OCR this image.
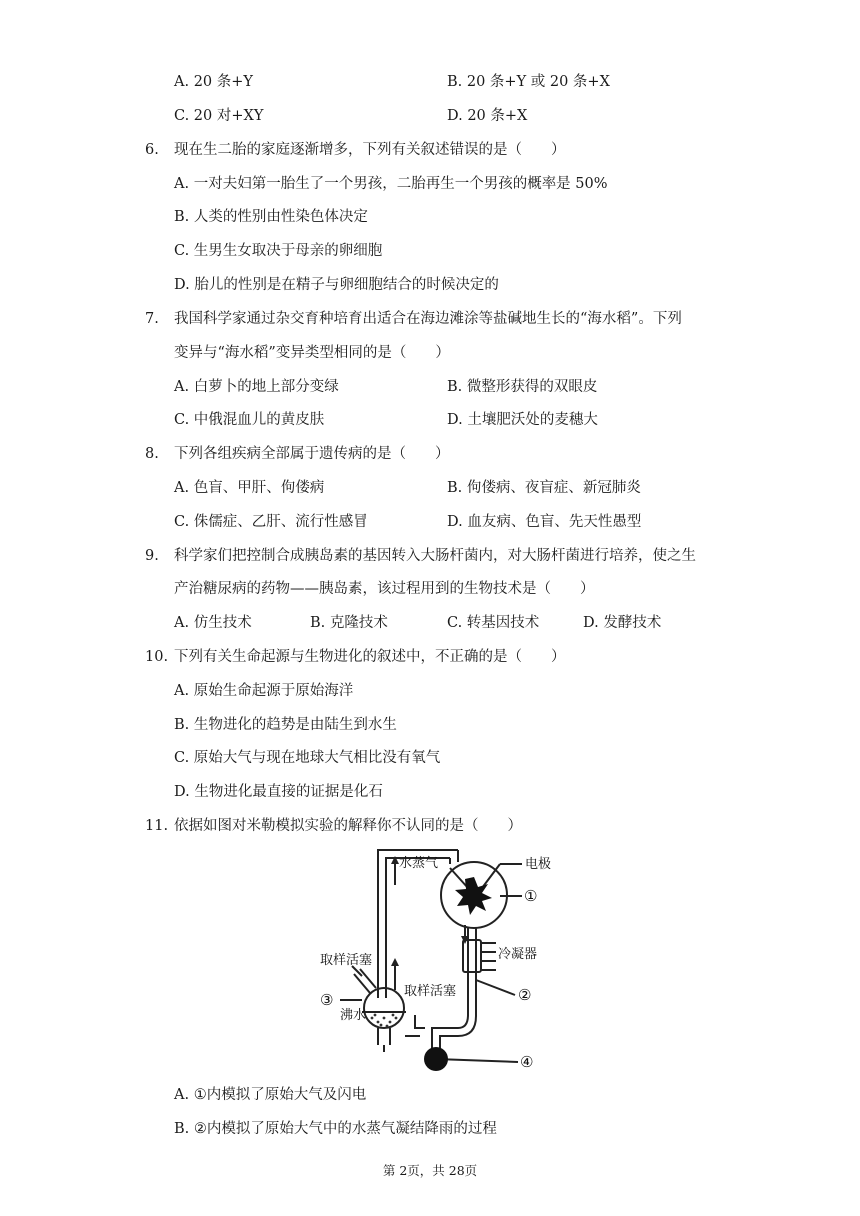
A. 20 条+Y	B. 20 条+Y 或 20 条+X
C. 20 对+XY	D. 20 条+X
6. 现在生二胎的家庭逐渐增多，下列有关叙述错误的是（　　）
A. 一对夫妇第一胎生了一个男孩，二胎再生一个男孩的概率是 50%
B. 人类的性别由性染色体决定
C. 生男生女取决于母亲的卵细胞
D. 胎儿的性别是在精子与卵细胞结合的时候决定的
7. 我国科学家通过杂交育种培育出适合在海边滩涂等盐碱地生长的“海水稻”。下列
变异与“海水稻”变异类型相同的是（　　）
A. 白萝卜的地上部分变绿	B. 微整形获得的双眼皮
C. 中俄混血儿的黄皮肤	D. 土壤肥沃处的麦穗大
8. 下列各组疾病全部属于遗传病的是（　　）
A. 色盲、甲肝、佝偻病	B. 佝偻病、夜盲症、新冠肺炎
C. 侏儒症、乙肝、流行性感冒	D. 血友病、色盲、先天性愚型
9. 科学家们把控制合成胰岛素的基因转入大肠杆菌内，对大肠杆菌进行培养，使之生
产治糖尿病的药物——胰岛素，该过程用到的生物技术是（　　）
A. 仿生技术	B. 克隆技术	C. 转基因技术	D. 发酵技术
10. 下列有关生命起源与生物进化的叙述中，不正确的是（　　）
A. 原始生命起源于原始海洋
B. 生物进化的趋势是由陆生到水生
C. 原始大气与现在地球大气相比没有氧气
D. 生物进化最直接的证据是化石
11. 依据如图对米勒模拟实验的解释你不认同的是（　　）
水蒸气	电极
冷凝器
取样活塞
取样活塞
沸水
①
②
③
④
A. ①内模拟了原始大气及闪电
B. ②内模拟了原始大气中的水蒸气凝结降雨的过程
第 2页，共 28页
